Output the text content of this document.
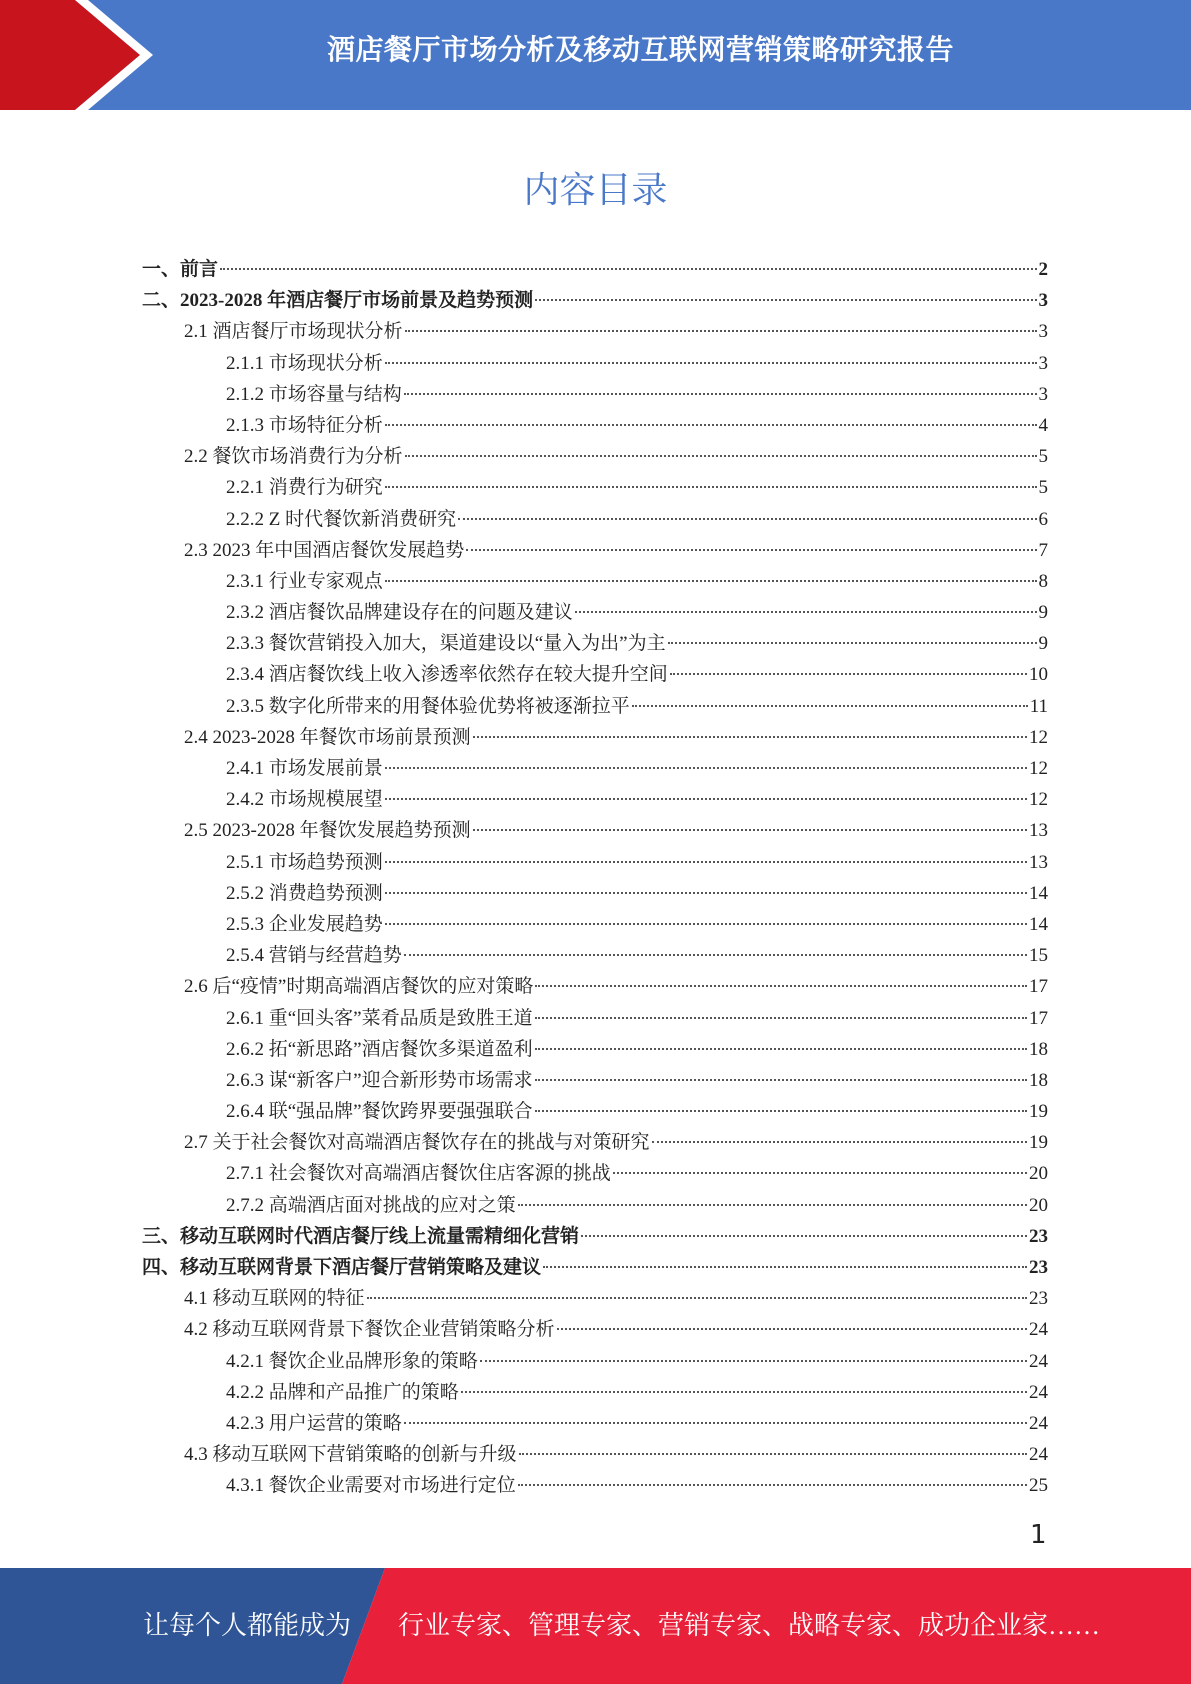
酒店餐厅市场分析及移动互联网营销策略研究报告
内容目录
一、前言	2
二、2023-2028 年酒店餐厅市场前景及趋势预测	3
2.1 酒店餐厅市场现状分析	3
2.1.1 市场现状分析	3
2.1.2 市场容量与结构	3
2.1.3 市场特征分析	4
2.2 餐饮市场消费行为分析	5
2.2.1 消费行为研究	5
2.2.2 Z 时代餐饮新消费研究	6
2.3 2023 年中国酒店餐饮发展趋势	7
2.3.1 行业专家观点	8
2.3.2 酒店餐饮品牌建设存在的问题及建议	9
2.3.3 餐饮营销投入加大，渠道建设以“量入为出”为主	9
2.3.4 酒店餐饮线上收入渗透率依然存在较大提升空间	10
2.3.5 数字化所带来的用餐体验优势将被逐渐拉平	11
2.4 2023-2028 年餐饮市场前景预测	12
2.4.1 市场发展前景	12
2.4.2 市场规模展望	12
2.5 2023-2028 年餐饮发展趋势预测	13
2.5.1 市场趋势预测	13
2.5.2 消费趋势预测	14
2.5.3 企业发展趋势	14
2.5.4 营销与经营趋势	15
2.6 后“疫情”时期高端酒店餐饮的应对策略	17
2.6.1 重“回头客”菜肴品质是致胜王道	17
2.6.2 拓“新思路”酒店餐饮多渠道盈利	18
2.6.3 谋“新客户”迎合新形势市场需求	18
2.6.4 联“强品牌”餐饮跨界要强强联合	19
2.7 关于社会餐饮对高端酒店餐饮存在的挑战与对策研究	19
2.7.1 社会餐饮对高端酒店餐饮住店客源的挑战	20
2.7.2 高端酒店面对挑战的应对之策	20
三、移动互联网时代酒店餐厅线上流量需精细化营销	23
四、移动互联网背景下酒店餐厅营销策略及建议	23
4.1 移动互联网的特征	23
4.2 移动互联网背景下餐饮企业营销策略分析	24
4.2.1 餐饮企业品牌形象的策略	24
4.2.2 品牌和产品推广的策略	24
4.2.3 用户运营的策略	24
4.3 移动互联网下营销策略的创新与升级	24
4.3.1 餐饮企业需要对市场进行定位	25
1
让每个人都能成为 行业专家、管理专家、营销专家、战略专家、成功企业家……
